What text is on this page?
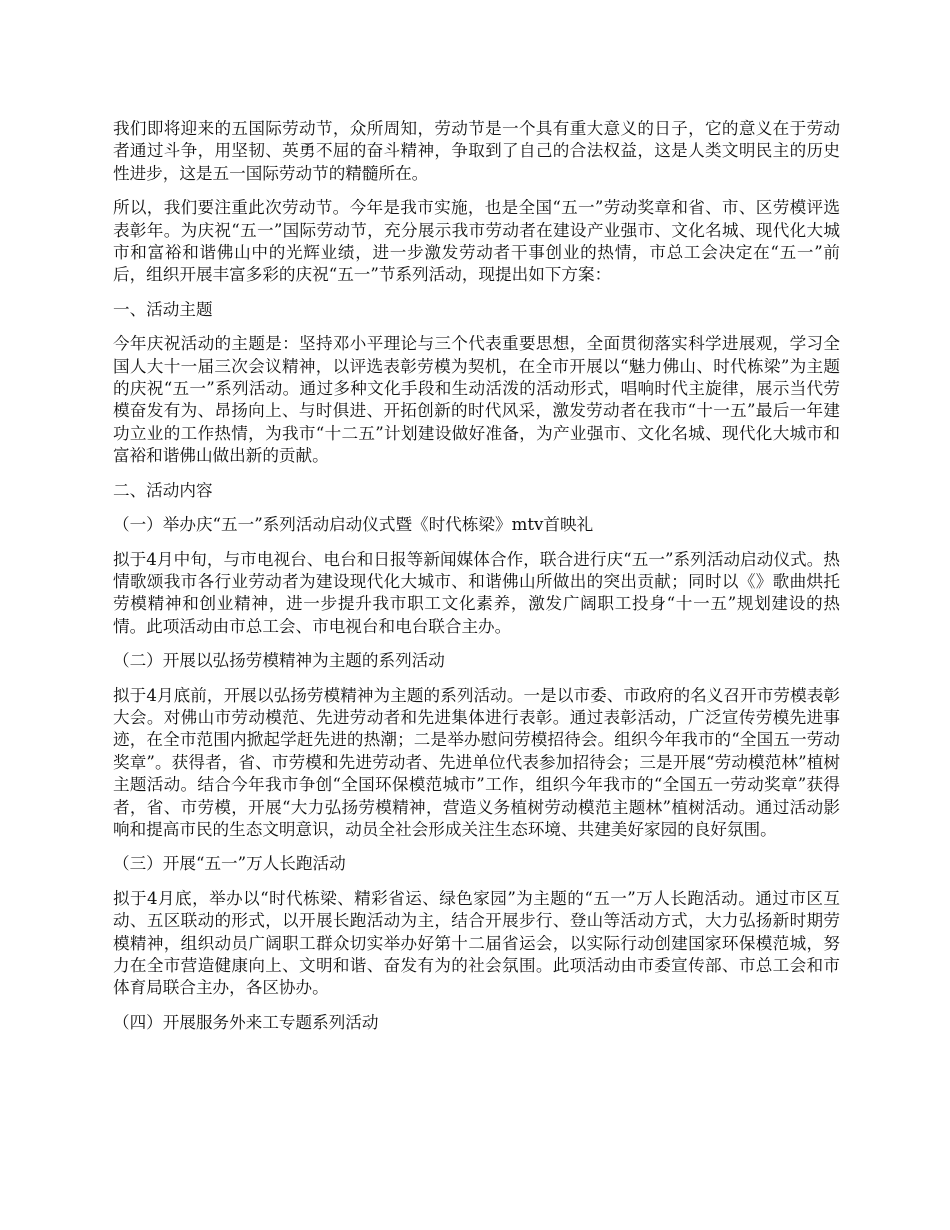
我们即将迎来的五国际劳动节，众所周知，劳动节是一个具有重大意义的日子，它的意义在于劳动者通过斗争，用坚韧、英勇不屈的奋斗精神，争取到了自己的合法权益，这是人类文明民主的历史性进步，这是五一国际劳动节的精髓所在。

所以，我们要注重此次劳动节。今年是我市实施，也是全国“五一”劳动奖章和省、市、区劳模评选表彰年。为庆祝“五一”国际劳动节，充分展示我市劳动者在建设产业强市、文化名城、现代化大城市和富裕和谐佛山中的光辉业绩，进一步激发劳动者干事创业的热情，市总工会决定在“五一”前后，组织开展丰富多彩的庆祝“五一”节系列活动，现提出如下方案：

一、活动主题

今年庆祝活动的主题是：坚持邓小平理论与三个代表重要思想，全面贯彻落实科学进展观，学习全国人大十一届三次会议精神，以评选表彰劳模为契机，在全市开展以“魅力佛山、时代栋梁”为主题的庆祝“五一”系列活动。通过多种文化手段和生动活泼的活动形式，唱响时代主旋律，展示当代劳模奋发有为、昂扬向上、与时俱进、开拓创新的时代风采，激发劳动者在我市“十一五”最后一年建功立业的工作热情，为我市“十二五”计划建设做好准备，为产业强市、文化名城、现代化大城市和富裕和谐佛山做出新的贡献。

二、活动内容

（一）举办庆“五一”系列活动启动仪式暨《时代栋梁》mtv首映礼

拟于4月中旬，与市电视台、电台和日报等新闻媒体合作，联合进行庆“五一”系列活动启动仪式。热情歌颂我市各行业劳动者为建设现代化大城市、和谐佛山所做出的突出贡献；同时以《》歌曲烘托劳模精神和创业精神，进一步提升我市职工文化素养，激发广阔职工投身“十一五”规划建设的热情。此项活动由市总工会、市电视台和电台联合主办。

（二）开展以弘扬劳模精神为主题的系列活动

拟于4月底前，开展以弘扬劳模精神为主题的系列活动。一是以市委、市政府的名义召开市劳模表彰大会。对佛山市劳动模范、先进劳动者和先进集体进行表彰。通过表彰活动，广泛宣传劳模先进事迹，在全市范围内掀起学赶先进的热潮；二是举办慰问劳模招待会。组织今年我市的“全国五一劳动奖章”。获得者，省、市劳模和先进劳动者、先进单位代表参加招待会；三是开展“劳动模范林”植树主题活动。结合今年我市争创“全国环保模范城市”工作，组织今年我市的“全国五一劳动奖章”获得者，省、市劳模，开展“大力弘扬劳模精神，营造义务植树劳动模范主题林”植树活动。通过活动影响和提高市民的生态文明意识，动员全社会形成关注生态环境、共建美好家园的良好氛围。

（三）开展“五一”万人长跑活动

拟于4月底，举办以“时代栋梁、精彩省运、绿色家园”为主题的“五一”万人长跑活动。通过市区互动、五区联动的形式，以开展长跑活动为主，结合开展步行、登山等活动方式，大力弘扬新时期劳模精神，组织动员广阔职工群众切实举办好第十二届省运会，以实际行动创建国家环保模范城，努力在全市营造健康向上、文明和谐、奋发有为的社会氛围。此项活动由市委宣传部、市总工会和市体育局联合主办，各区协办。

（四）开展服务外来工专题系列活动
